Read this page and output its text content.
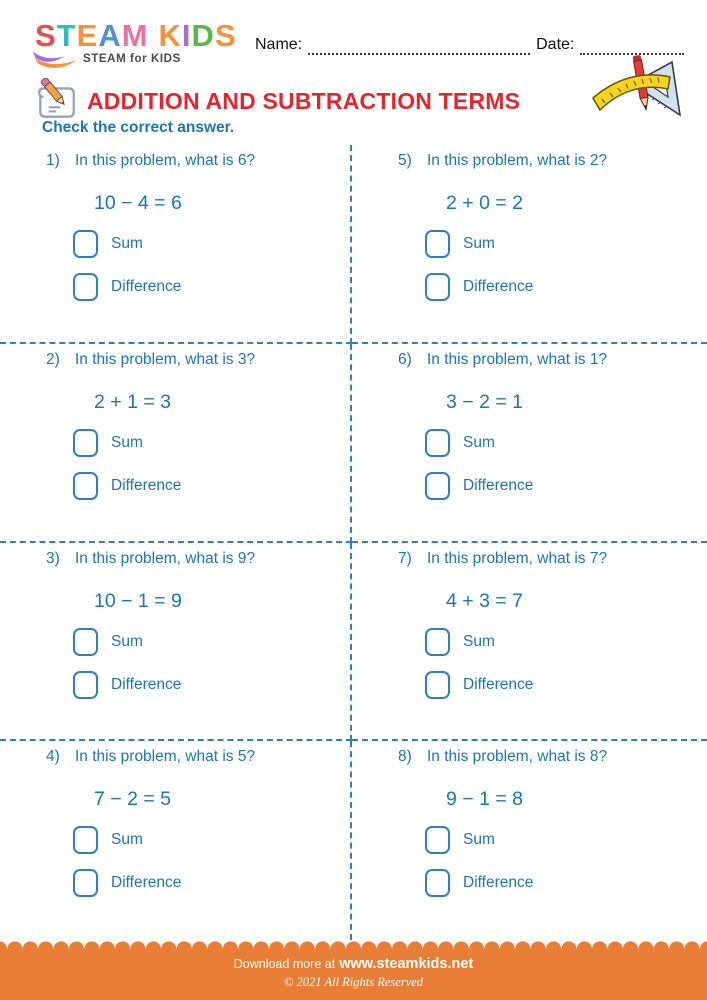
STEAM KIDS
STEAM for KIDS
Name:	Date:
ADDITION AND SUBTRACTION TERMS
Check the correct answer.
1) In this problem, what is 6?
10 − 4 = 6
Sum
Difference
2) In this problem, what is 3?
2 + 1 = 3
Sum
Difference
3) In this problem, what is 9?
10 − 1 = 9
Sum
Difference
4) In this problem, what is 5?
7 − 2 = 5
Sum
Difference
5) In this problem, what is 2?
2 + 0 = 2
Sum
Difference
6) In this problem, what is 1?
3 − 2 = 1
Sum
Difference
7) In this problem, what is 7?
4 + 3 = 7
Sum
Difference
8) In this problem, what is 8?
9 − 1 = 8
Sum
Difference
Download more at www.steamkids.net
© 2021 All Rights Reserved
